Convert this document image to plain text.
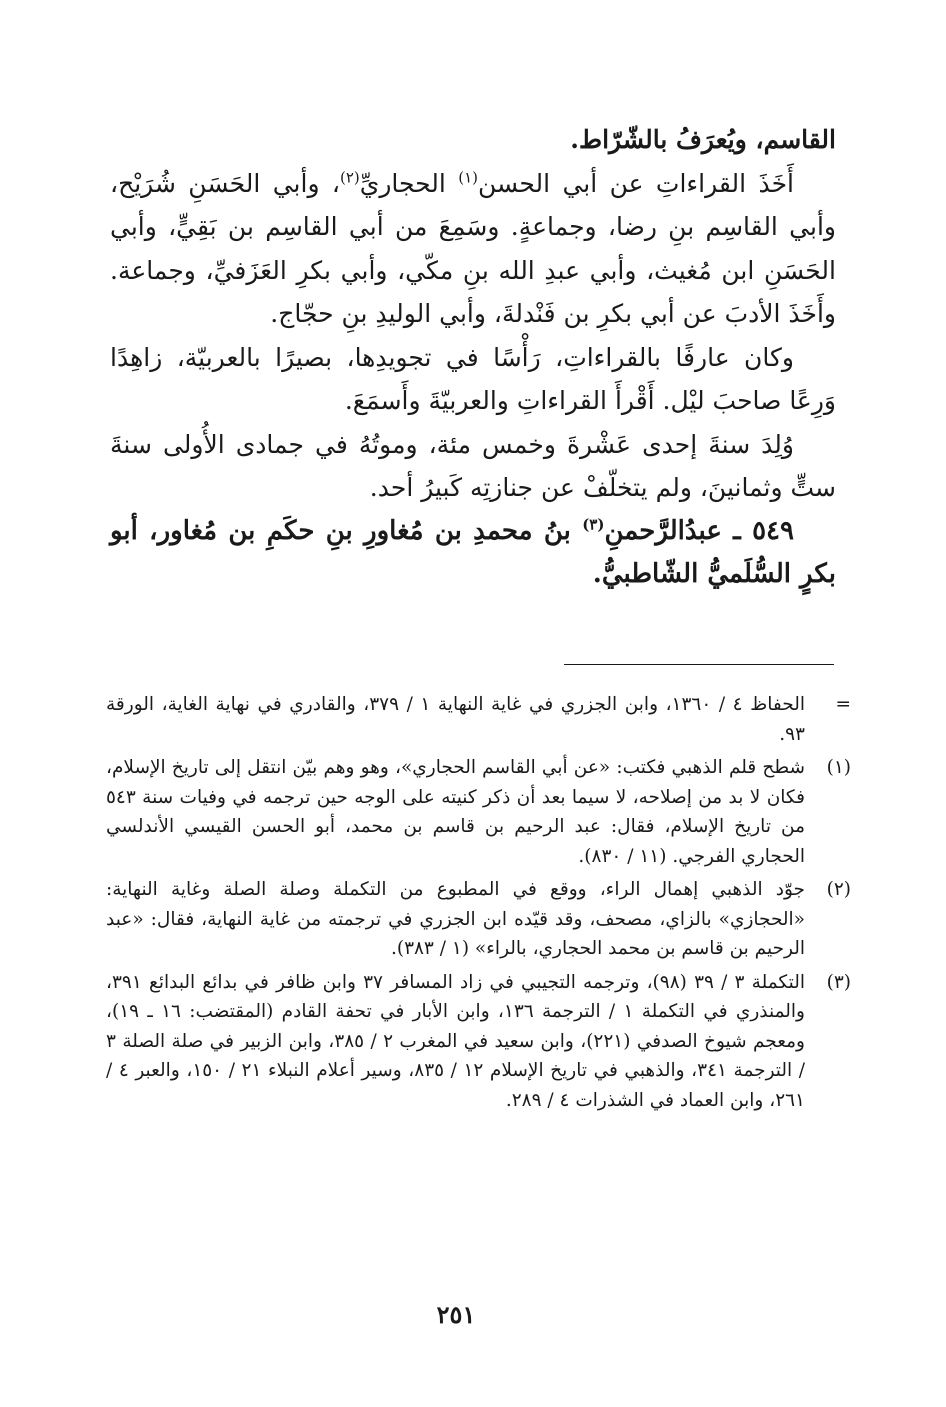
القاسم، ويُعرَفُ بالشّرّاط.

أَخَذَ القراءاتِ عن أبي الحسن$^{(١)}$ الحجاريِّ$^{(٢)}$، وأبي الحَسَنِ شُرَيْح، وأبي القاسِم بنِ رضا، وجماعةٍ. وسَمِعَ من أبي القاسِم بن بَقِيٍّ، وأبي الحَسَنِ ابن مُغيث، وأبي عبدِ الله بنِ مكّي، وأبي بكرِ العَزَفيِّ، وجماعة. وأَخَذَ الأدبَ عن أبي بكرِ بن فَنْدلةَ، وأبي الوليدِ بنِ حجّاج.

وكان عارفًا بالقراءاتِ، رَأْسًا في تجويدِها، بصيرًا بالعربيّة، زاهِدًا وَرِعًا صاحبَ ليْل. أَقْرأَ القراءاتِ والعربيّةَ وأَسمَعَ.

وُلِدَ سنةَ إحدى عَشْرةَ وخمس مئة، وموتُهُ في جمادى الأُولى سنةَ ستٍّ وثمانينَ، ولم يتخلّفْ عن جنازتِه كَبيرُ أحد.

٥٤٩ ـ عبدُالرَّحمنِ$^{(٣)}$ بنُ محمدِ بن مُغاورِ بنِ حكَمِ بن مُغاور، أبو بكرٍ السُّلَميُّ الشّاطبيُّ.

=
الحفاظ ٤ / ١٣٦٠، وابن الجزري في غاية النهاية ١ / ٣٧٩، والقادري في نهاية الغاية، الورقة ٩٣.
(١)
شطح قلم الذهبي فكتب: «عن أبي القاسم الحجاري»، وهو وهم بيّن انتقل إلى تاريخ الإسلام، فكان لا بد من إصلاحه، لا سيما بعد أن ذكر كنيته على الوجه حين ترجمه في وفيات سنة ٥٤٣ من تاريخ الإسلام، فقال: عبد الرحيم بن قاسم بن محمد، أبو الحسن القيسي الأندلسي الحجاري الفرجي. (١١ / ٨٣٠).
(٢)
جوّد الذهبي إهمال الراء، ووقع في المطبوع من التكملة وصلة الصلة وغاية النهاية: «الحجازي» بالزاي، مصحف، وقد قيّده ابن الجزري في ترجمته من غاية النهاية، فقال: «عبد الرحيم بن قاسم بن محمد الحجاري، بالراء» (١ / ٣٨٣).
(٣)
التكملة ٣ / ٣٩ (٩٨)، وترجمه التجيبي في زاد المسافر ٣٧ وابن ظافر في بدائع البدائع ٣٩١، والمنذري في التكملة ١ / الترجمة ١٣٦، وابن الأبار في تحفة القادم (المقتضب: ١٦ ـ ١٩)، ومعجم شيوخ الصدفي (٢٢١)، وابن سعيد في المغرب ٢ / ٣٨٥، وابن الزبير في صلة الصلة ٣ / الترجمة ٣٤١، والذهبي في تاريخ الإسلام ١٢ / ٨٣٥، وسير أعلام النبلاء ٢١ / ١٥٠، والعبر ٤ / ٢٦١، وابن العماد في الشذرات ٤ / ٢٨٩.
٢٥١
